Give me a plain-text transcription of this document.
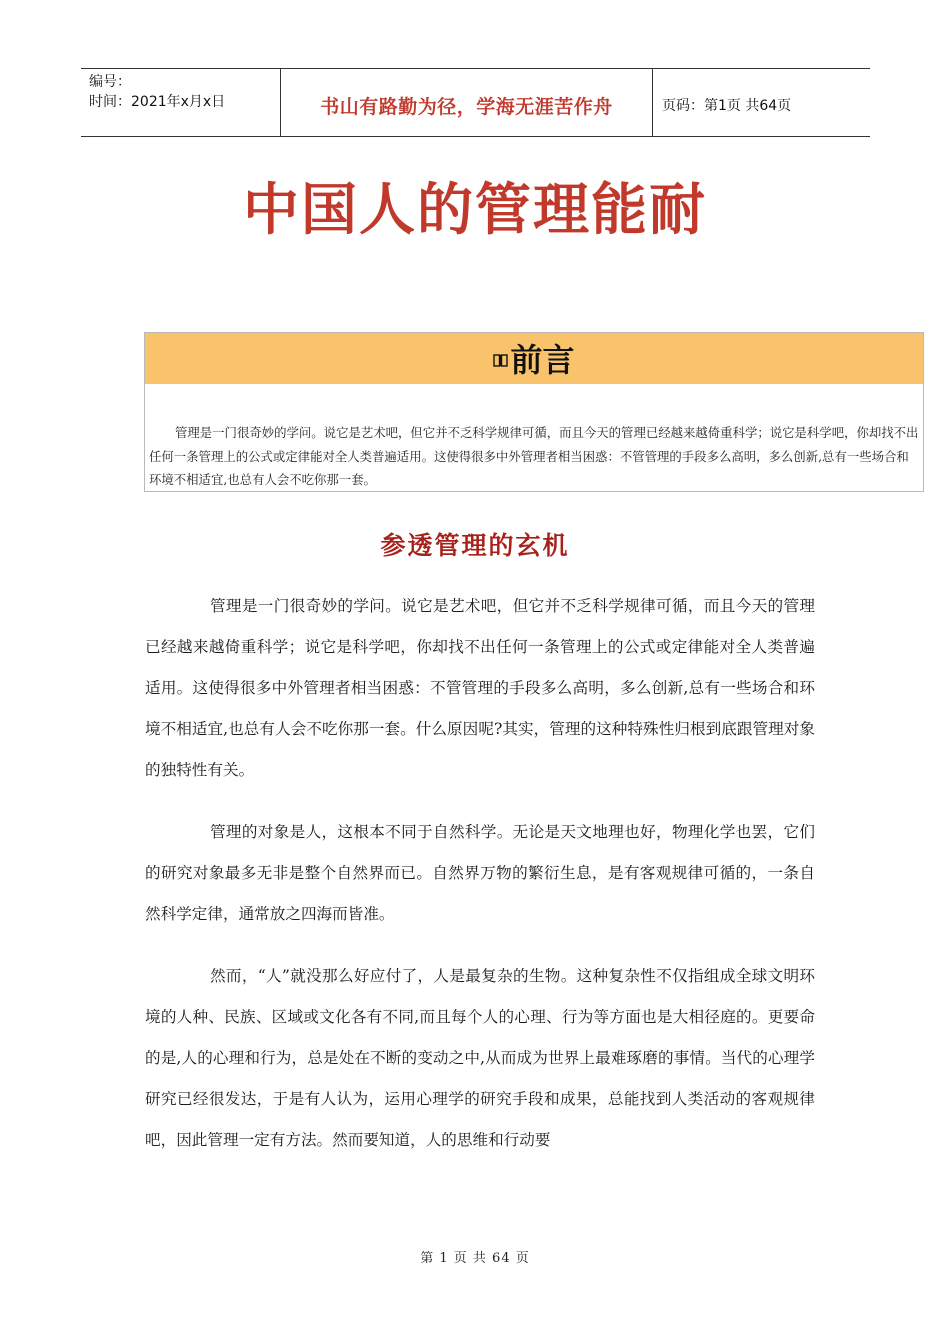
编号：
时间：2021年x月x日	书山有路勤为径，学海无涯苦作舟	页码：第1页 共64页
中国人的管理能耐
前言
管理是一门很奇妙的学问。说它是艺术吧，但它并不乏科学规律可循，而且今天的管理已经越来越倚重科学；说它是科学吧，你却找不出任何一条管理上的公式或定律能对全人类普遍适用。这使得很多中外管理者相当困惑：不管管理的手段多么高明，多么创新,总有一些场合和环境不相适宜,也总有人会不吃你那一套。
参透管理的玄机

管理是一门很奇妙的学问。说它是艺术吧，但它并不乏科学规律可循，而且今天的管理已经越来越倚重科学；说它是科学吧，你却找不出任何一条管理上的公式或定律能对全人类普遍适用。这使得很多中外管理者相当困惑：不管管理的手段多么高明，多么创新,总有一些场合和环境不相适宜,也总有人会不吃你那一套。什么原因呢?其实，管理的这种特殊性归根到底跟管理对象的独特性有关。

管理的对象是人，这根本不同于自然科学。无论是天文地理也好，物理化学也罢，它们的研究对象最多无非是整个自然界而已。自然界万物的繁衍生息，是有客观规律可循的，一条自然科学定律，通常放之四海而皆准。

然而，“人”就没那么好应付了，人是最复杂的生物。这种复杂性不仅指组成全球文明环境的人种、民族、区域或文化各有不同,而且每个人的心理、行为等方面也是大相径庭的。更要命的是,人的心理和行为，总是处在不断的变动之中,从而成为世界上最难琢磨的事情。当代的心理学研究已经很发达，于是有人认为，运用心理学的研究手段和成果，总能找到人类活动的客观规律吧，因此管理一定有方法。然而要知道，人的思维和行动要

第 1 页 共 64 页
